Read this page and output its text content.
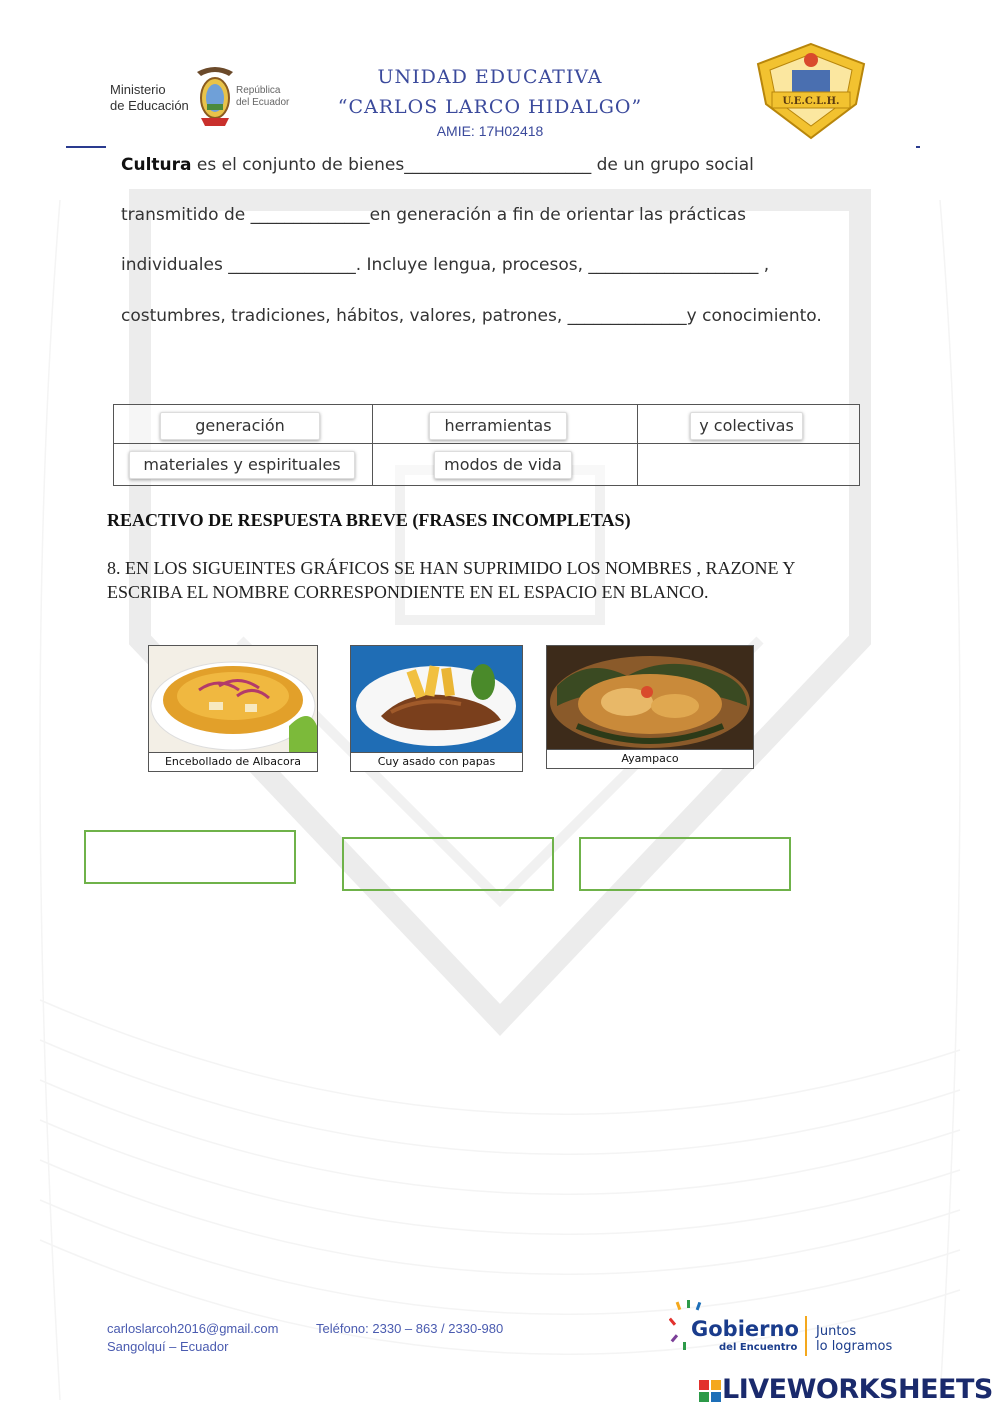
Ministerio
de Educación
República
del Ecuador
UNIDAD EDUCATIVA
“CARLOS LARCO HIDALGO”
AMIE: 17H02418
U.E.C.L.H.
Cultura es el conjunto de bienes______________________ de un grupo social
transmitido de ______________en generación a fin de orientar las prácticas
individuales _______________. Incluye lengua, procesos, ____________________ ,
costumbres, tradiciones, hábitos, valores, patrones, ______________y conocimiento.
generación	herramientas	y colectivas
materiales y espirituales	modos de vida
REACTIVO DE RESPUESTA BREVE (FRASES INCOMPLETAS)
8. EN LOS SIGUEINTES GRÁFICOS SE HAN SUPRIMIDO LOS NOMBRES , RAZONE Y ESCRIBA EL NOMBRE CORRESPONDIENTE EN EL ESPACIO EN BLANCO.
Encebollado de Albacora	Cuy asado con papas	Ayampaco
carloslarcoh2016@gmail.com	Teléfono: 2330 – 863 / 2330-980
Sangolquí – Ecuador
Gobierno
del Encuentro
Juntos
lo logramos
LIVEWORKSHEETS
